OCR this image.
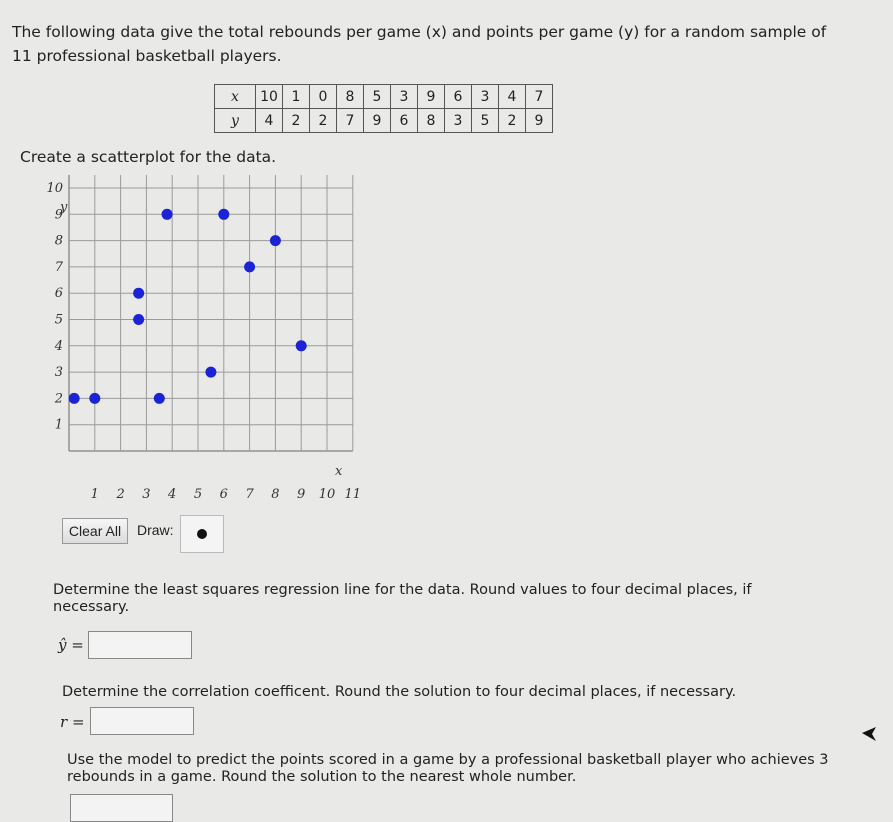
The following data give the total rebounds per game (x) and points per game (y) for a random sample of
11 professional basketball players.
x	10	1	0	8	5	3	9	6	3	4	7
y	4	2	2	7	9	6	8	3	5	2	9
Create a scatterplot for the data.
1
2
3
4
5
6
7
8
9
10
1 2 3 4 5 6 7 8 9 10 11
y
x
Clear All	Draw:
Determine the least squares regression line for the data. Round values to four decimal places, if
necessary.
ŷ =
Determine the correlation coefficent. Round the solution to four decimal places, if necessary.
r =
Use the model to predict the points scored in a game by a professional basketball player who achieves 3
rebounds in a game. Round the solution to the nearest whole number.
